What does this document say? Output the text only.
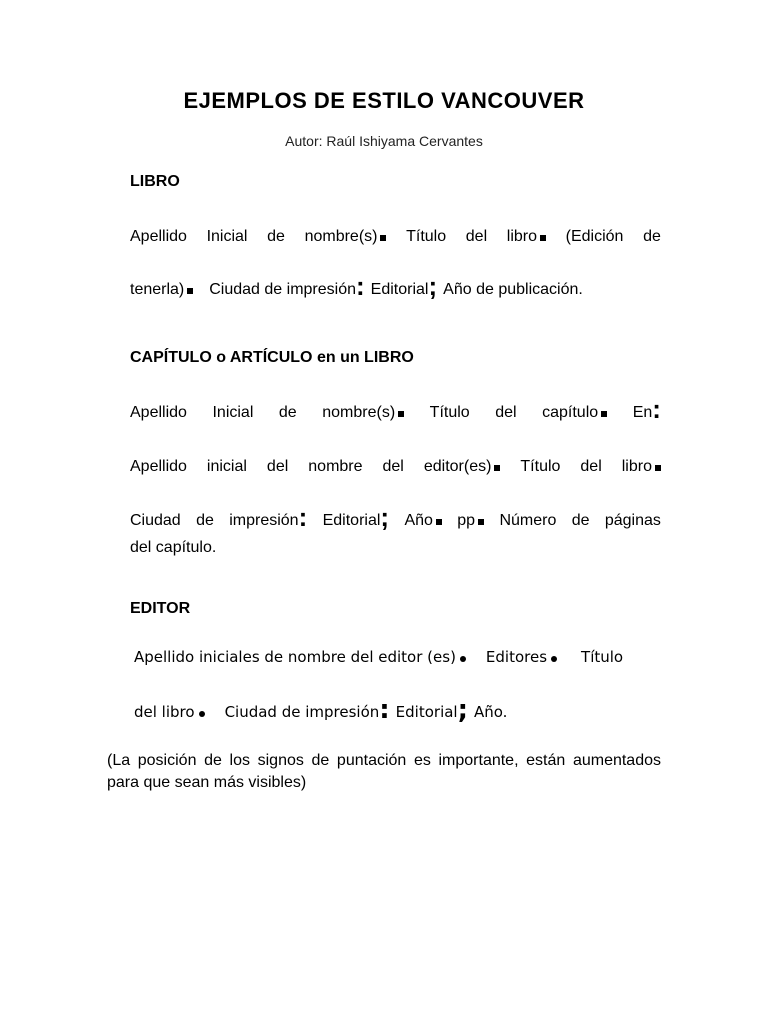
EJEMPLOS DE ESTILO VANCOUVER
Autor: Raúl Ishiyama Cervantes
LIBRO
Apellido Inicial de nombre(s)	Título del libro	(Edición de
tenerla)	Ciudad de impresión: Editorial; Año de publicación.
CAPÍTULO o ARTÍCULO en un LIBRO
Apellido Inicial de nombre(s)	Título del capítulo	En:
Apellido inicial del nombre del editor(es)	Título del libro
Ciudad de impresión: Editorial; Año	pp	Número de páginas
del capítulo.
EDITOR
Apellido iniciales de nombre del editor (es)	Editores	Título
del libro	Ciudad de impresión: Editorial; Año.
(La posición de los signos de puntación es importante, están aumentados para que sean más visibles)
